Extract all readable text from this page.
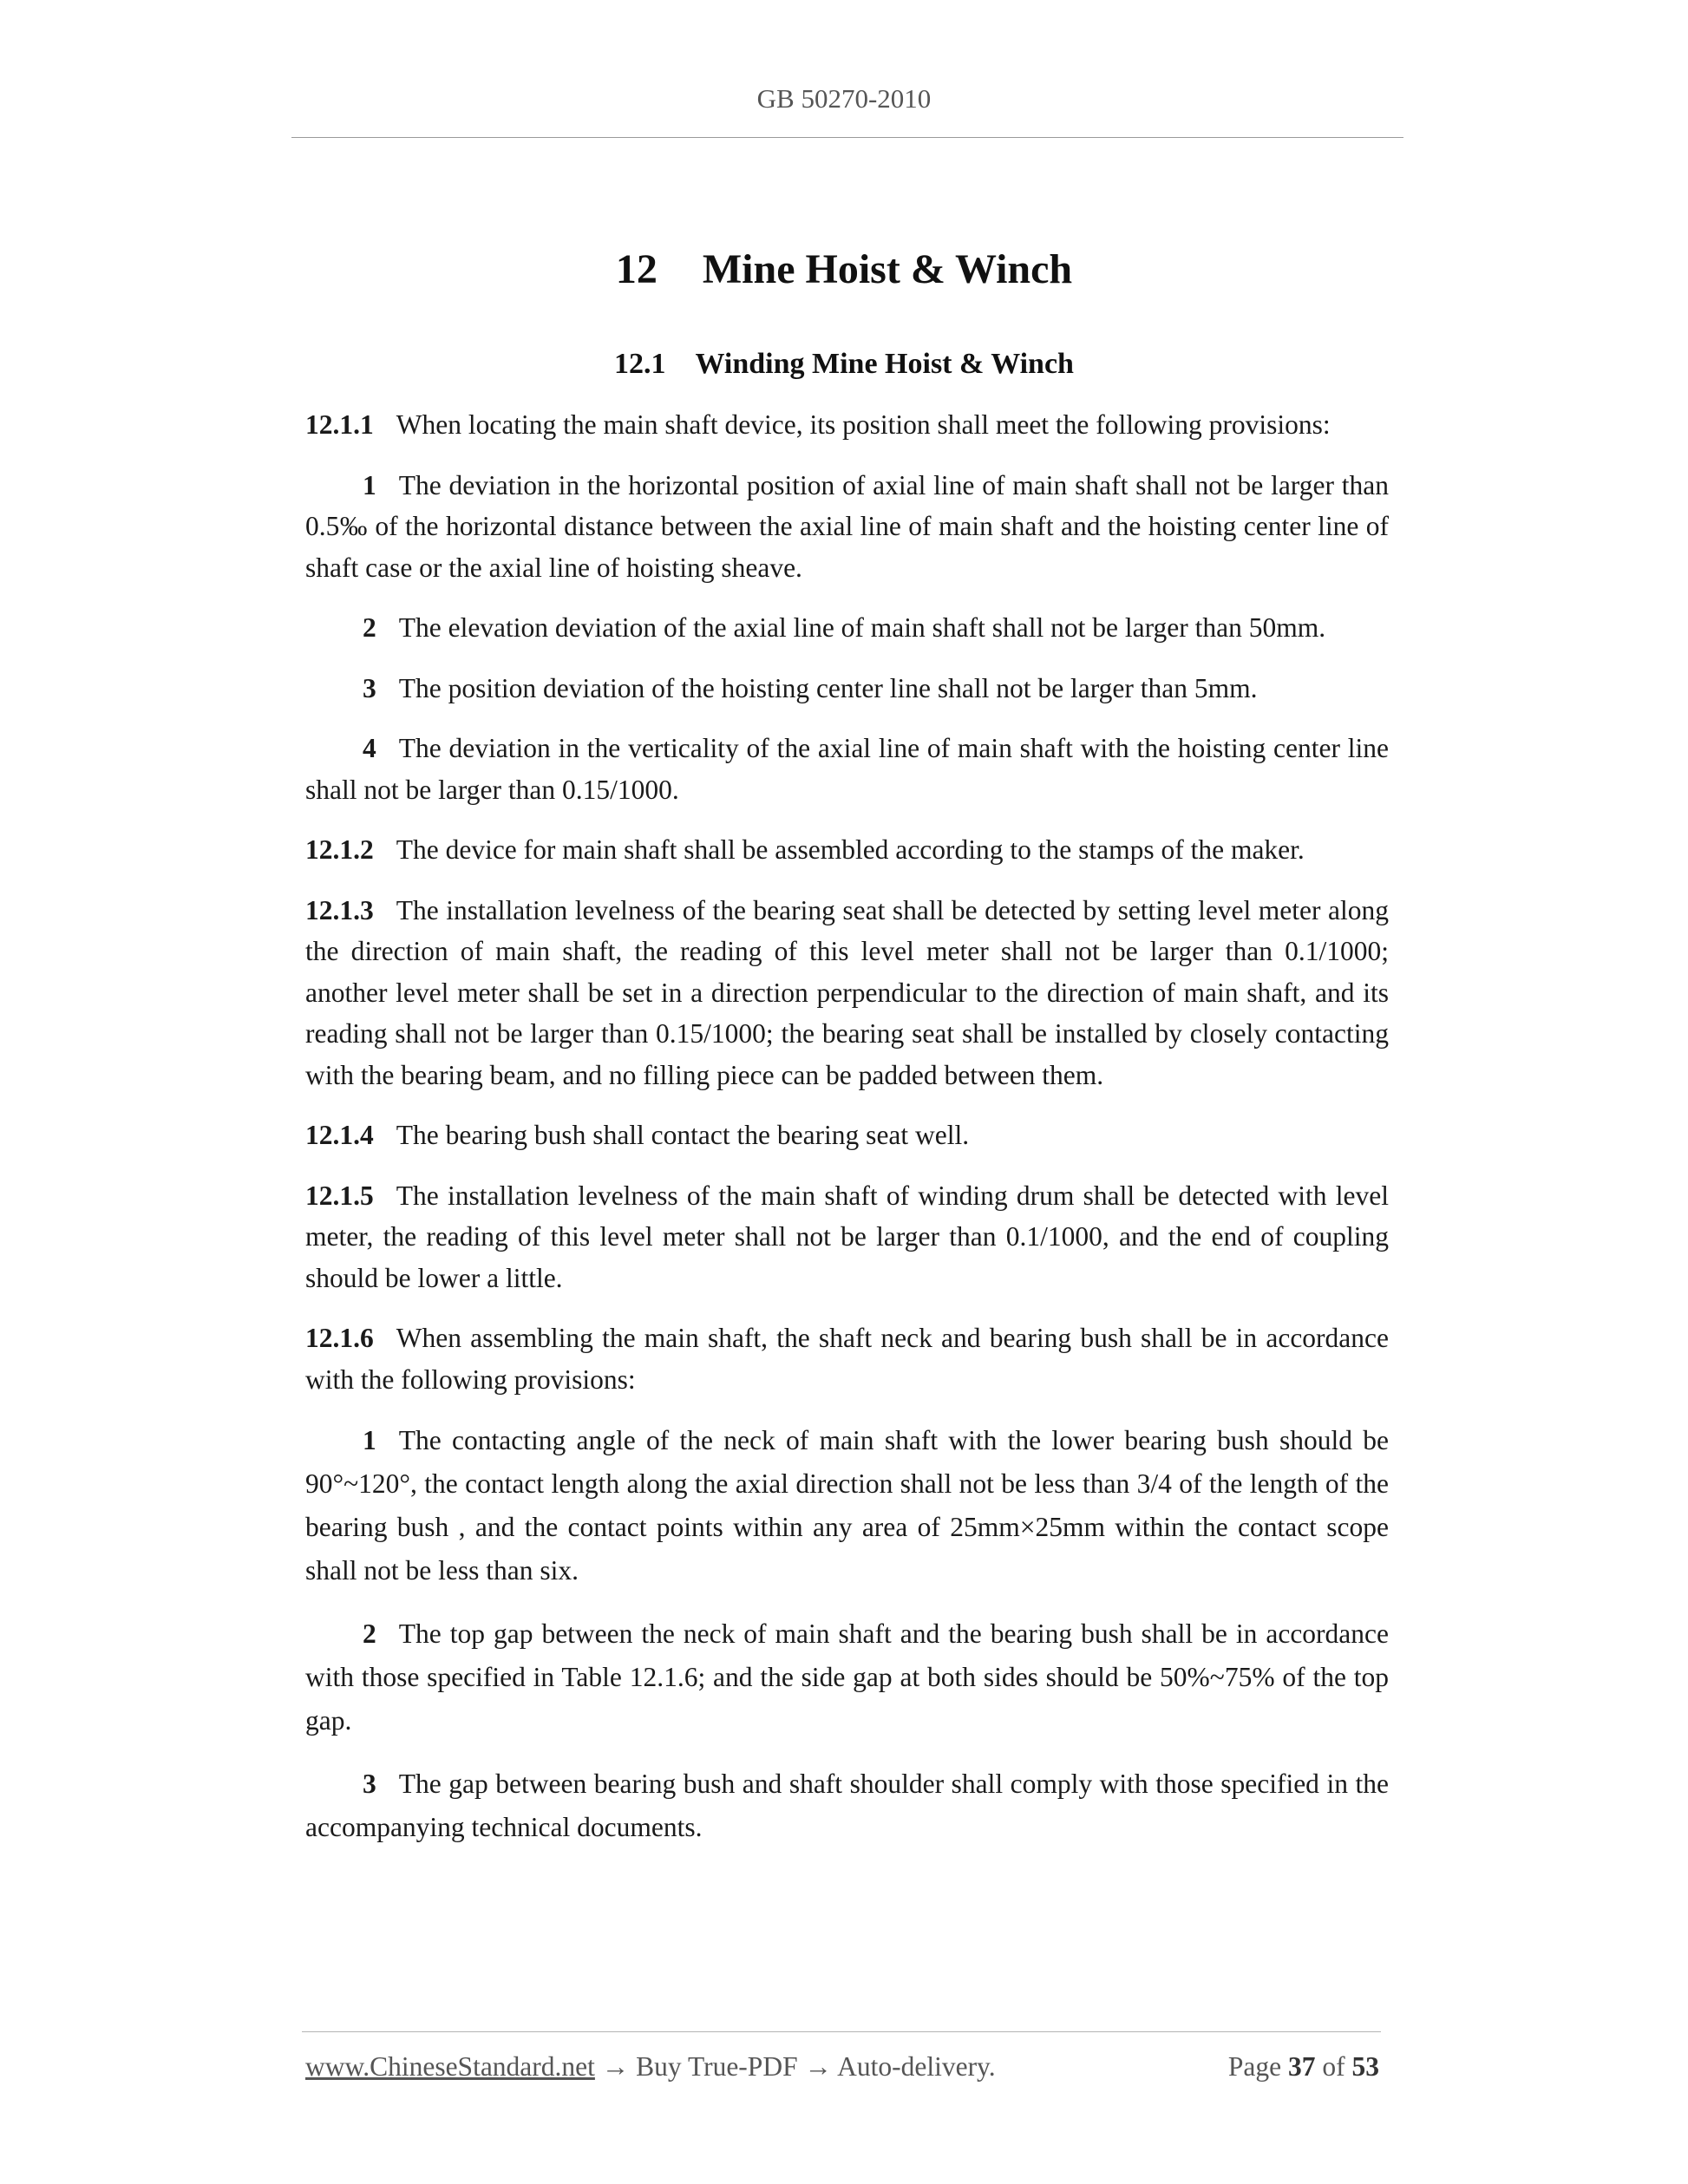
GB 50270-2010
12 Mine Hoist & Winch
12.1 Winding Mine Hoist & Winch

12.1.1 When locating the main shaft device, its position shall meet the following provisions:

1 The deviation in the horizontal position of axial line of main shaft shall not be larger than 0.5‰ of the horizontal distance between the axial line of main shaft and the hoisting center line of shaft case or the axial line of hoisting sheave.

2 The elevation deviation of the axial line of main shaft shall not be larger than 50mm.

3 The position deviation of the hoisting center line shall not be larger than 5mm.

4 The deviation in the verticality of the axial line of main shaft with the hoisting center line shall not be larger than 0.15/1000.

12.1.2 The device for main shaft shall be assembled according to the stamps of the maker.

12.1.3 The installation levelness of the bearing seat shall be detected by setting level meter along the direction of main shaft, the reading of this level meter shall not be larger than 0.1/1000; another level meter shall be set in a direction perpendicular to the direction of main shaft, and its reading shall not be larger than 0.15/1000; the bearing seat shall be installed by closely contacting with the bearing beam, and no filling piece can be padded between them.

12.1.4 The bearing bush shall contact the bearing seat well.

12.1.5 The installation levelness of the main shaft of winding drum shall be detected with level meter, the reading of this level meter shall not be larger than 0.1/1000, and the end of coupling should be lower a little.

12.1.6 When assembling the main shaft, the shaft neck and bearing bush shall be in accordance with the following provisions:

1 The contacting angle of the neck of main shaft with the lower bearing bush should be 90°~120°, the contact length along the axial direction shall not be less than 3/4 of the length of the bearing bush , and the contact points within any area of 25mm×25mm within the contact scope shall not be less than six.

2 The top gap between the neck of main shaft and the bearing bush shall be in accordance with those specified in Table 12.1.6; and the side gap at both sides should be 50%~75% of the top gap.

3 The gap between bearing bush and shaft shoulder shall comply with those specified in the accompanying technical documents.

www.ChineseStandard.net → Buy True-PDF → Auto-delivery.	Page 37 of 53
